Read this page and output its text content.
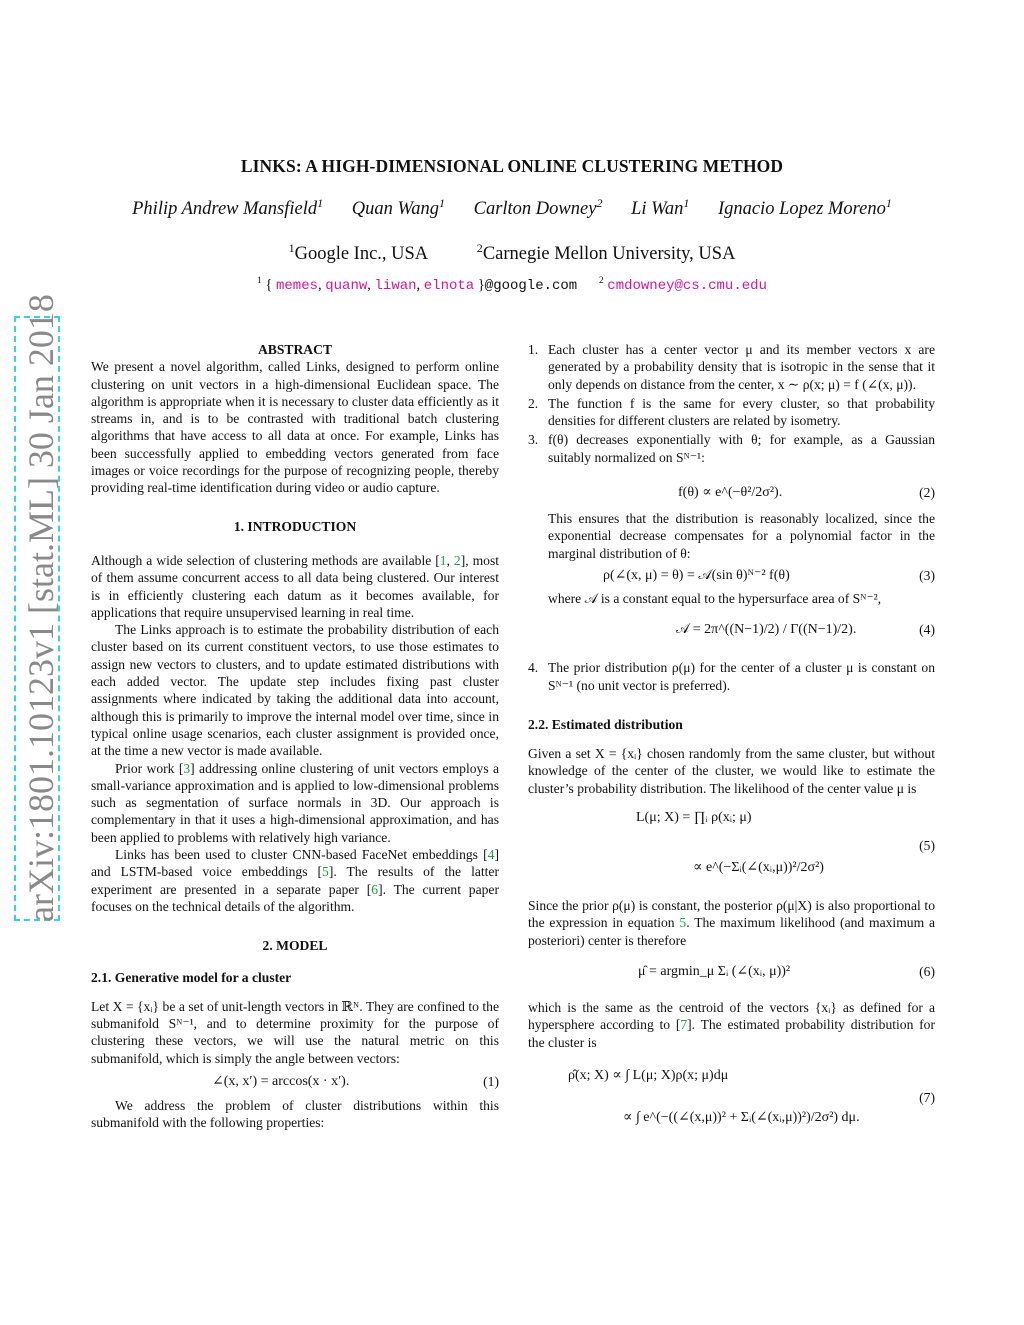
LINKS: A HIGH-DIMENSIONAL ONLINE CLUSTERING METHOD
Philip Andrew Mansfield$^1$ Quan Wang$^1$ Carlton Downey$^2$ Li Wan$^1$ Ignacio Lopez Moreno$^1$
$^1$Google Inc., USA	$^2$Carnegie Mellon University, USA
$^1$ { memes, quanw, liwan, elnota }@google.com $^2$ cmdowney@cs.cmu.edu
arXiv:1801.10123v1 [stat.ML] 30 Jan 2018	ABSTRACT

We present a novel algorithm, called Links, designed to perform online clustering on unit vectors in a high-dimensional Euclidean space. The algorithm is appropriate when it is necessary to cluster data efficiently as it streams in, and is to be contrasted with traditional batch clustering algorithms that have access to all data at once. For example, Links has been successfully applied to embedding vectors generated from face images or voice recordings for the purpose of recognizing people, thereby providing real-time identification during video or audio capture.

1. INTRODUCTION

Although a wide selection of clustering methods are available [1, 2], most of them assume concurrent access to all data being clustered. Our interest is in efficiently clustering each datum as it becomes available, for applications that require unsupervised learning in real time.

The Links approach is to estimate the probability distribution of each cluster based on its current constituent vectors, to use those estimates to assign new vectors to clusters, and to update estimated distributions with each added vector. The update step includes fixing past cluster assignments where indicated by taking the additional data into account, although this is primarily to improve the internal model over time, since in typical online usage scenarios, each cluster assignment is provided once, at the time a new vector is made available.

Prior work [3] addressing online clustering of unit vectors employs a small-variance approximation and is applied to low-dimensional problems such as segmentation of surface normals in 3D. Our approach is complementary in that it uses a high-dimensional approximation, and has been applied to problems with relatively high variance.

Links has been used to cluster CNN-based FaceNet embeddings [4] and LSTM-based voice embeddings [5]. The results of the latter experiment are presented in a separate paper [6]. The current paper focuses on the technical details of the algorithm.

2. MODEL
2.1. Generative model for a cluster

Let X = {xᵢ} be a set of unit-length vectors in ℝᴺ. They are confined to the submanifold Sᴺ⁻¹, and to determine proximity for the purpose of clustering these vectors, we will use the natural metric on this submanifold, which is simply the angle between vectors:

∠(x, x′) = arccos(x · x′).	(1)

We address the problem of cluster distributions within this submanifold with the following properties:

1. Each cluster has a center vector μ and its member vectors x are generated by a probability density that is isotropic in the sense that it only depends on distance from the center, x ∼ ρ(x; μ) = f (∠(x, μ)).

2. The function f is the same for every cluster, so that probability densities for different clusters are related by isometry.

3. f(θ) decreases exponentially with θ; for example, as a Gaussian suitably normalized on Sᴺ⁻¹:

f(θ) ∝ e^(−θ²/2σ²).	(2)

This ensures that the distribution is reasonably localized, since the exponential decrease compensates for a polynomial factor in the marginal distribution of θ:

ρ(∠(x, μ) = θ) = 𝒜(sin θ)ᴺ⁻² f(θ)	(3)

where 𝒜 is a constant equal to the hypersurface area of Sᴺ⁻²,

𝒜 = 2π^((N−1)/2) / Γ((N−1)/2).	(4)
4. The prior distribution ρ(μ) for the center of a cluster μ is constant on Sᴺ⁻¹ (no unit vector is preferred).

2.2. Estimated distribution

Given a set X = {xᵢ} chosen randomly from the same cluster, but without knowledge of the center of the cluster, we would like to estimate the cluster’s probability distribution. The likelihood of the center value μ is

L(μ; X) = ∏ᵢ ρ(xᵢ; μ)
∝ e^(−Σᵢ(∠(xᵢ,μ))²/2σ²)
(5)

Since the prior ρ(μ) is constant, the posterior ρ(μ|X) is also proportional to the expression in equation 5. The maximum likelihood (and maximum a posteriori) center is therefore

μ̂ = argmin_μ Σᵢ (∠(xᵢ, μ))²	(6)

which is the same as the centroid of the vectors {xᵢ} as defined for a hypersphere according to [7]. The estimated probability distribution for the cluster is

ρ̂(x; X) ∝ ∫ L(μ; X)ρ(x; μ)dμ
∝ ∫ e^(−((∠(x,μ))² + Σᵢ(∠(xᵢ,μ))²)/2σ²) dμ.
(7)
